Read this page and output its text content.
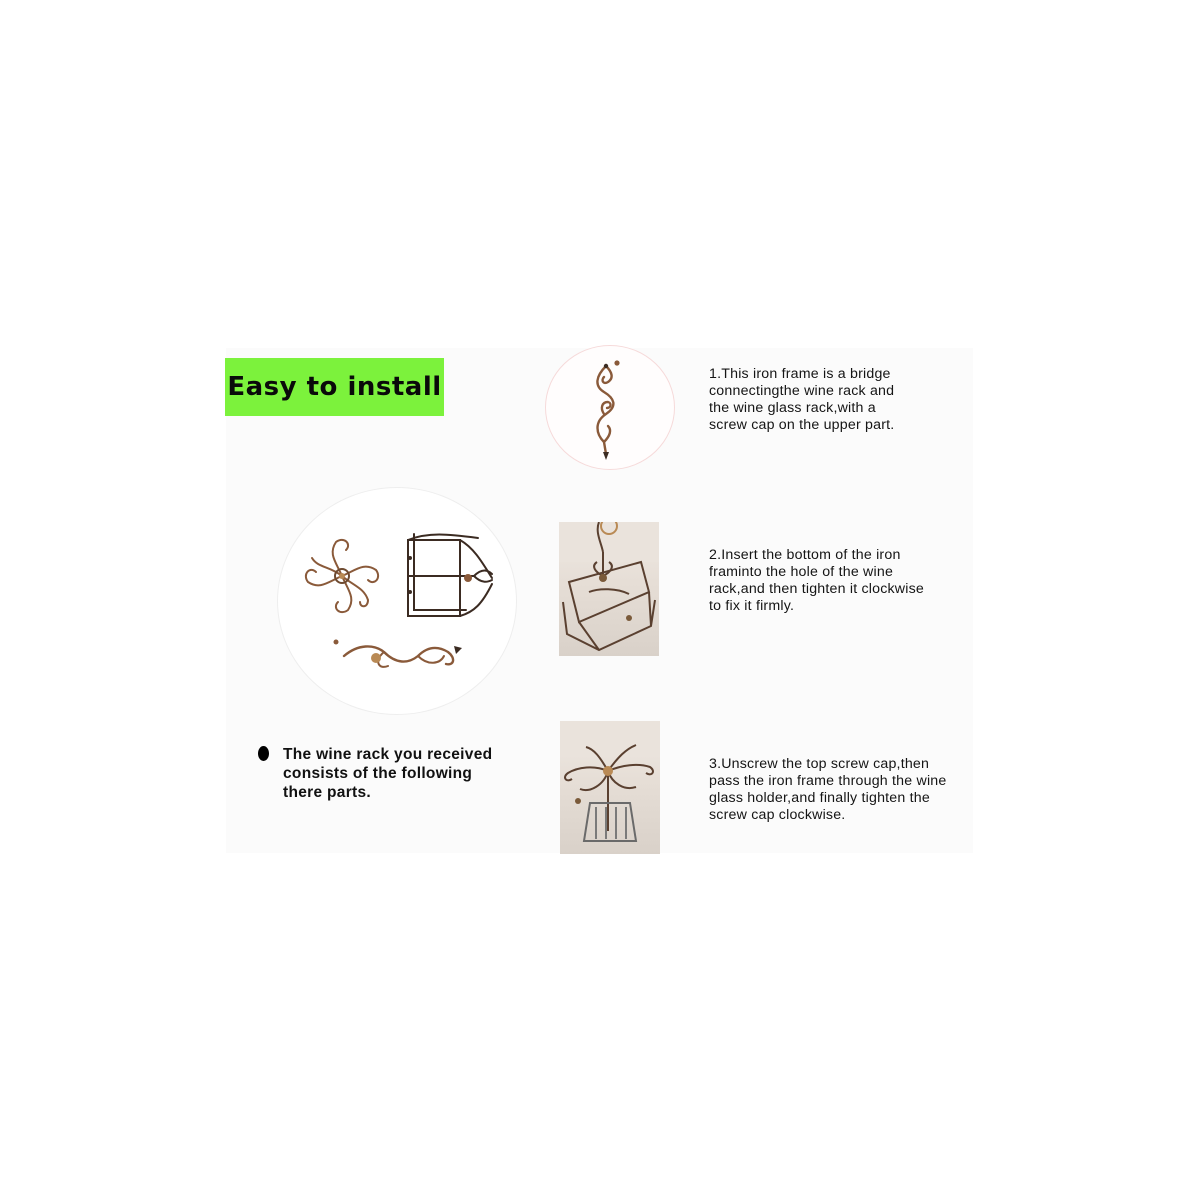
Easy to install	1.This iron frame is a bridge
connectingthe wine rack and
the wine glass rack,with a
screw cap on the upper part.
2.Insert the bottom of the iron
framinto the hole of the wine
rack,and then tighten it clockwise
to fix it firmly.
3.Unscrew the top screw cap,then
pass the iron frame through the wine
glass holder,and finally tighten the
screw cap clockwise.
The wine rack you received
consists of the following
there parts.
